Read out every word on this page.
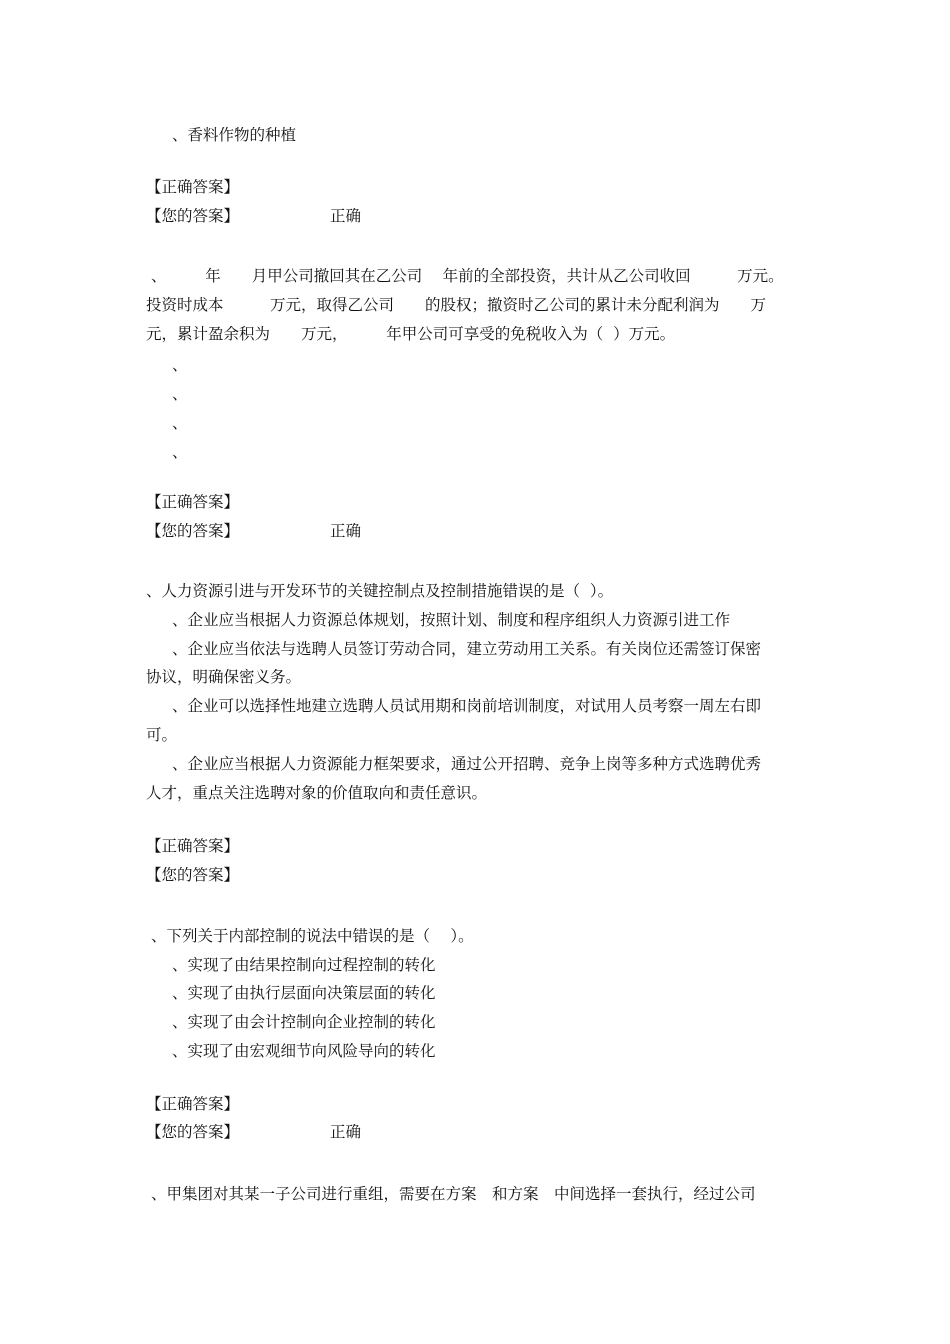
、香料作物的种植
【正确答案】
【您的答案】	正确
、　　　年　　月甲公司撤回其在乙公司　 年前的全部投资，共计从乙公司收回　　　万元。
投资时成本　　　万元，取得乙公司　　的股权；撤资时乙公司的累计未分配利润为　　万
元，累计盈余积为　　万元，　　　年甲公司可享受的免税收入为（  ）万元。
、
、
、
、
【正确答案】
【您的答案】	正确
、人力资源引进与开发环节的关键控制点及控制措施错误的是（  ）。
、企业应当根据人力资源总体规划，按照计划、制度和程序组织人力资源引进工作
、企业应当依法与选聘人员签订劳动合同，建立劳动用工关系。有关岗位还需签订保密
协议，明确保密义务。
、企业可以选择性地建立选聘人员试用期和岗前培训制度，对试用人员考察一周左右即
可。
、企业应当根据人力资源能力框架要求，通过公开招聘、竞争上岗等多种方式选聘优秀
人才，重点关注选聘对象的价值取向和责任意识。
【正确答案】
【您的答案】
、下列关于内部控制的说法中错误的是（　 ）。
、实现了由结果控制向过程控制的转化
、实现了由执行层面向决策层面的转化
、实现了由会计控制向企业控制的转化
、实现了由宏观细节向风险导向的转化
【正确答案】
【您的答案】	正确
、甲集团对其某一子公司进行重组，需要在方案　和方案　中间选择一套执行，经过公司
